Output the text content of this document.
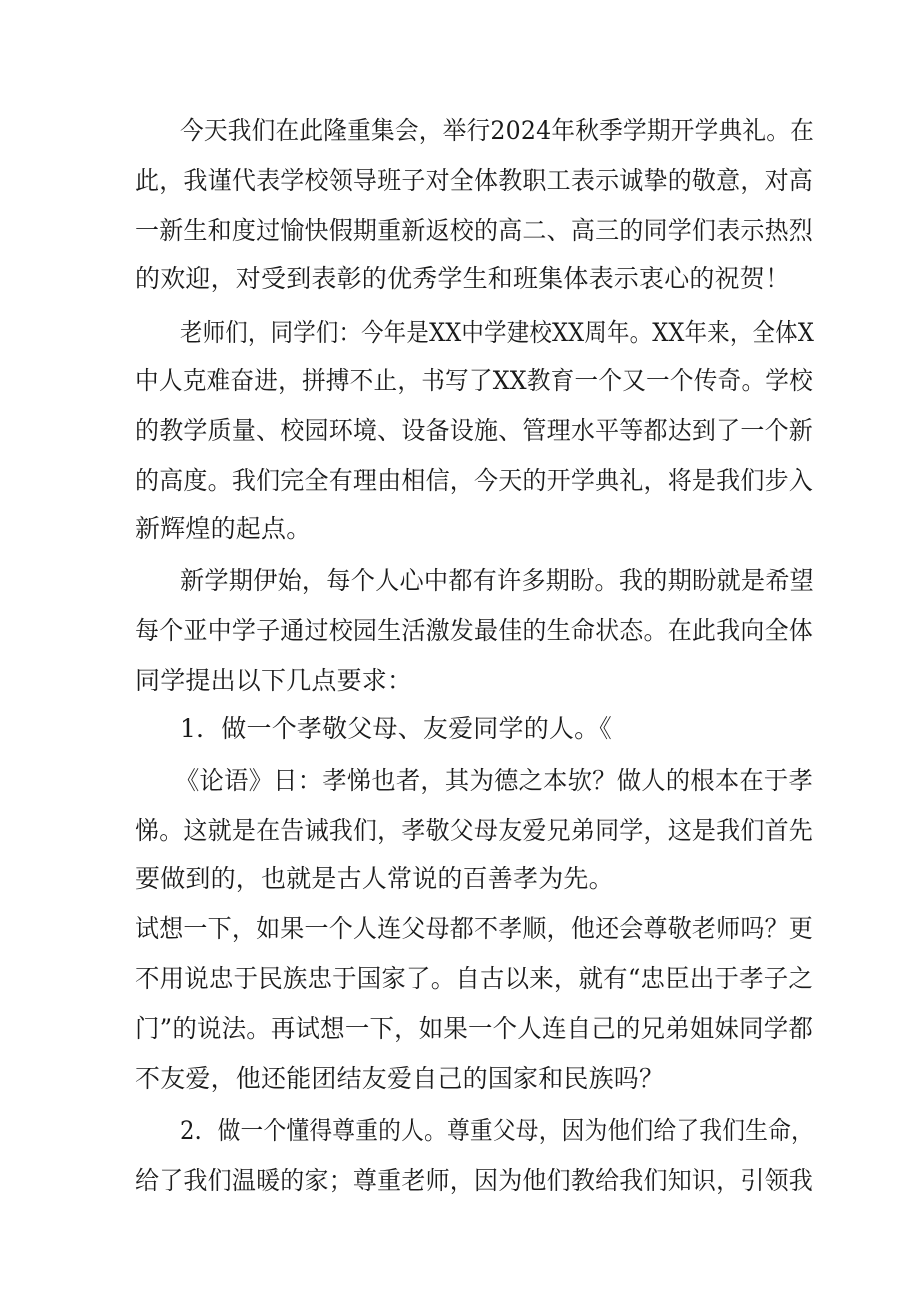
今天我们在此隆重集会，举行2024年秋季学期开学典礼。在
此，我谨代表学校领导班子对全体教职工表示诚挚的敬意，对高
一新生和度过愉快假期重新返校的高二、高三的同学们表示热烈
的欢迎，对受到表彰的优秀学生和班集体表示衷心的祝贺！
老师们，同学们：今年是XX中学建校XX周年。XX年来，全体X
中人克难奋进，拼搏不止，书写了XX教育一个又一个传奇。学校
的教学质量、校园环境、设备设施、管理水平等都达到了一个新
的高度。我们完全有理由相信，今天的开学典礼，将是我们步入
新辉煌的起点。
新学期伊始，每个人心中都有许多期盼。我的期盼就是希望
每个亚中学子通过校园生活激发最佳的生命状态。在此我向全体
同学提出以下几点要求：
1．做一个孝敬父母、友爱同学的人。《
《论语》日：孝悌也者，其为德之本欤？做人的根本在于孝
悌。这就是在告诫我们，孝敬父母友爱兄弟同学，这是我们首先
要做到的，也就是古人常说的百善孝为先。
试想一下，如果一个人连父母都不孝顺，他还会尊敬老师吗？更
不用说忠于民族忠于国家了。自古以来，就有“忠臣出于孝子之
门”的说法。再试想一下，如果一个人连自己的兄弟姐妹同学都
不友爱，他还能团结友爱自己的国家和民族吗？
2．做一个懂得尊重的人。尊重父母，因为他们给了我们生命，
给了我们温暖的家；尊重老师，因为他们教给我们知识，引领我
